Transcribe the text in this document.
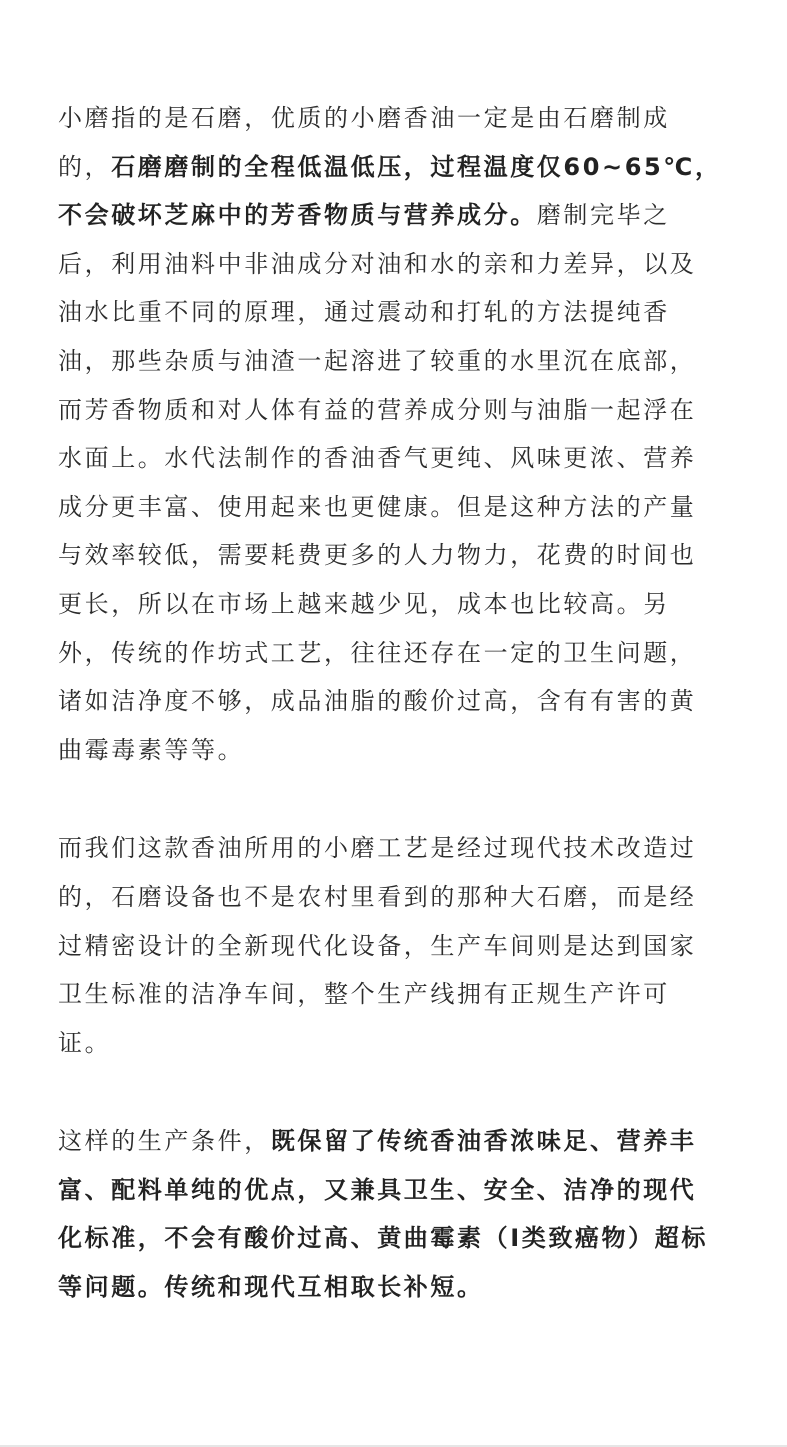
小磨指的是石磨，优质的小磨香油一定是由石磨制成
的，石磨磨制的全程低温低压，过程温度仅60~65℃，
不会破坏芝麻中的芳香物质与营养成分。磨制完毕之
后，利用油料中非油成分对油和水的亲和力差异，以及
油水比重不同的原理，通过震动和打轧的方法提纯香
油，那些杂质与油渣一起溶进了较重的水里沉在底部，
而芳香物质和对人体有益的营养成分则与油脂一起浮在
水面上。水代法制作的香油香气更纯、风味更浓、营养
成分更丰富、使用起来也更健康。但是这种方法的产量
与效率较低，需要耗费更多的人力物力，花费的时间也
更长，所以在市场上越来越少见，成本也比较高。另
外，传统的作坊式工艺，往往还存在一定的卫生问题，
诸如洁净度不够，成品油脂的酸价过高，含有有害的黄
曲霉毒素等等。
而我们这款香油所用的小磨工艺是经过现代技术改造过
的，石磨设备也不是农村里看到的那种大石磨，而是经
过精密设计的全新现代化设备，生产车间则是达到国家
卫生标准的洁净车间，整个生产线拥有正规生产许可
证。
这样的生产条件，既保留了传统香油香浓味足、营养丰
富、配料单纯的优点，又兼具卫生、安全、洁净的现代
化标准，不会有酸价过高、黄曲霉素（I类致癌物）超标
等问题。传统和现代互相取长补短。
